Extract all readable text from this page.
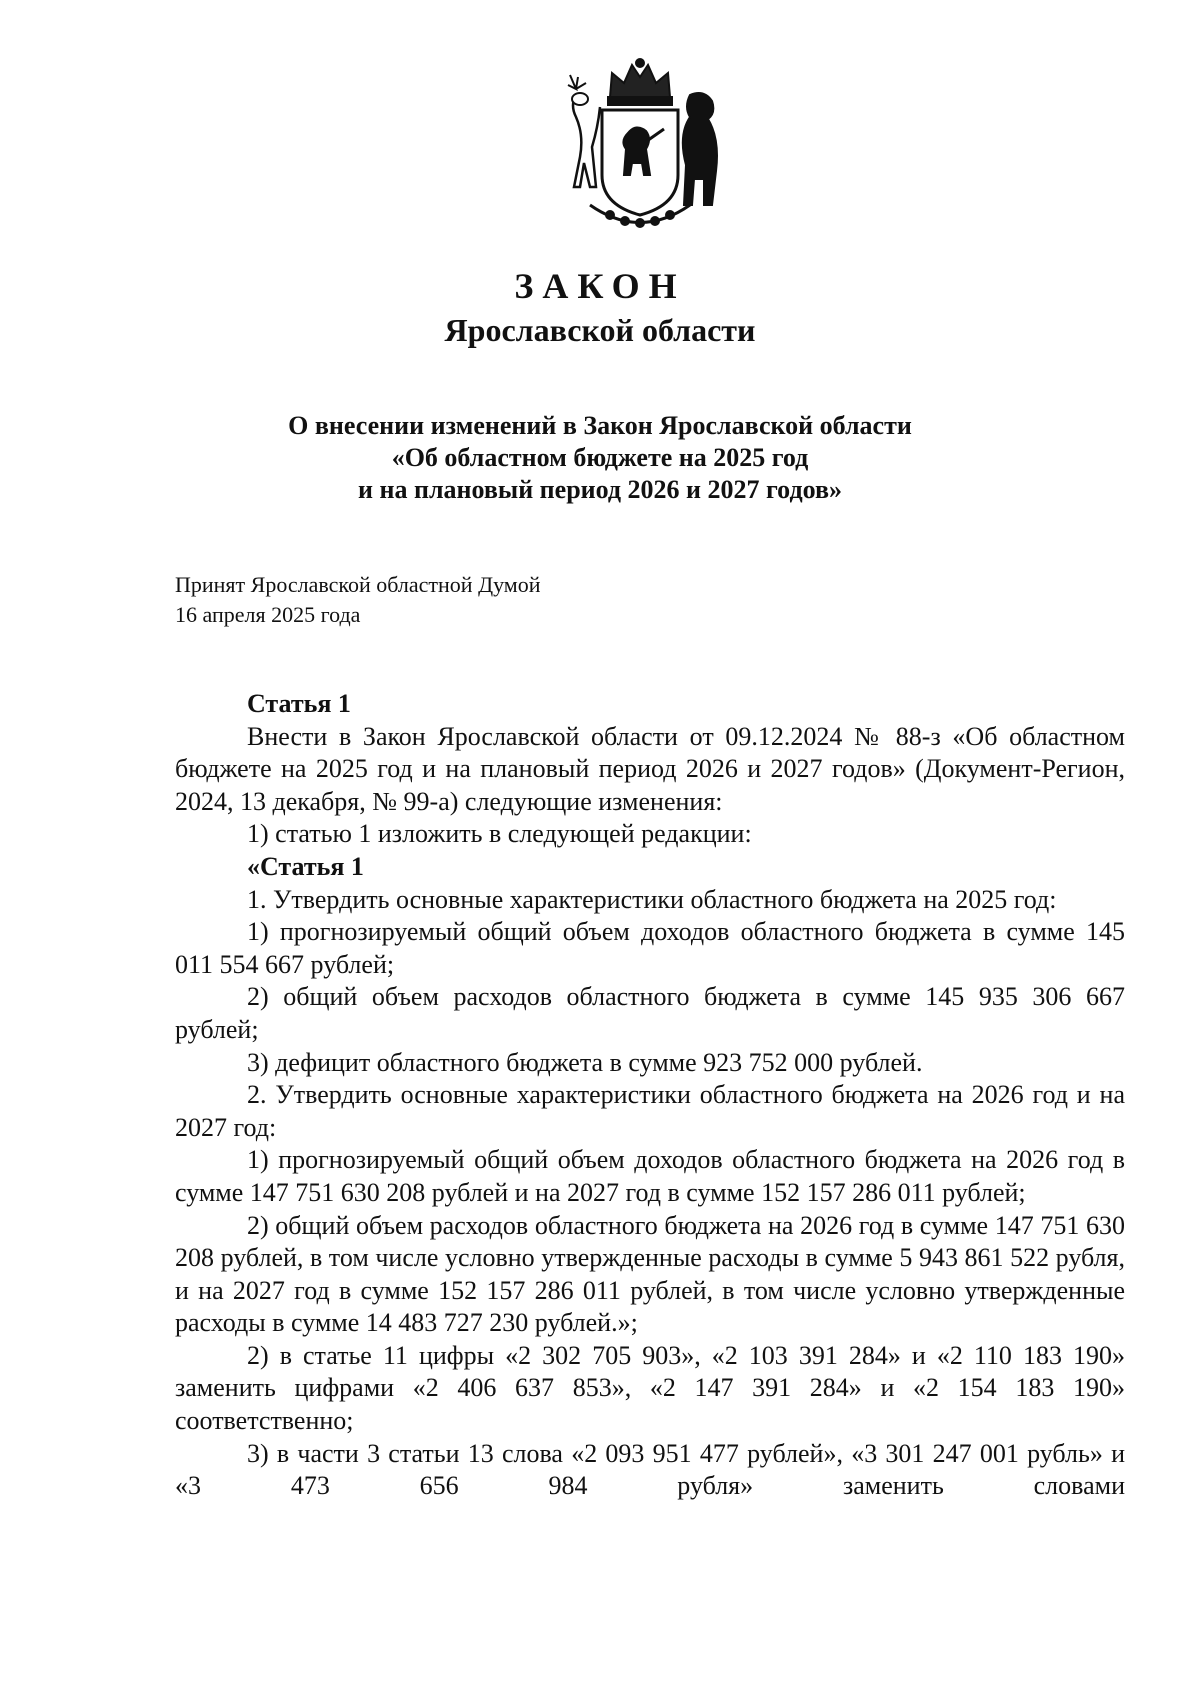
ЗАКОН
Ярославской области
О внесении изменений в Закон Ярославской области
«Об областном бюджете на 2025 год
и на плановый период 2026 и 2027 годов»
Принят Ярославской областной Думой
16 апреля 2025 года

Статья 1

Внести в Закон Ярославской области от 09.12.2024 № 88-з «Об областном бюджете на 2025 год и на плановый период 2026 и 2027 годов» (Документ-Регион, 2024, 13 декабря, № 99-а) следующие изменения:

1) статью 1 изложить в следующей редакции:

«Статья 1

1. Утвердить основные характеристики областного бюджета на 2025 год:

1) прогнозируемый общий объем доходов областного бюджета в сумме 145 011 554 667 рублей;

2) общий объем расходов областного бюджета в сумме 145 935 306 667 рублей;

3) дефицит областного бюджета в сумме 923 752 000 рублей.

2. Утвердить основные характеристики областного бюджета на 2026 год и на 2027 год:

1) прогнозируемый общий объем доходов областного бюджета на 2026 год в сумме 147 751 630 208 рублей и на 2027 год в сумме 152 157 286 011 рублей;

2) общий объем расходов областного бюджета на 2026 год в сумме 147 751 630 208 рублей, в том числе условно утвержденные расходы в сумме 5 943 861 522 рубля, и на 2027 год в сумме 152 157 286 011 рублей, в том числе условно утвержденные расходы в сумме 14 483 727 230 рублей.»;

2) в статье 11 цифры «2 302 705 903», «2 103 391 284» и «2 110 183 190» заменить цифрами «2 406 637 853», «2 147 391 284» и «2 154 183 190» соответственно;

3) в части 3 статьи 13 слова «2 093 951 477 рублей», «3 301 247 001 рубль» и «3 473 656 984 рубля» заменить словами
